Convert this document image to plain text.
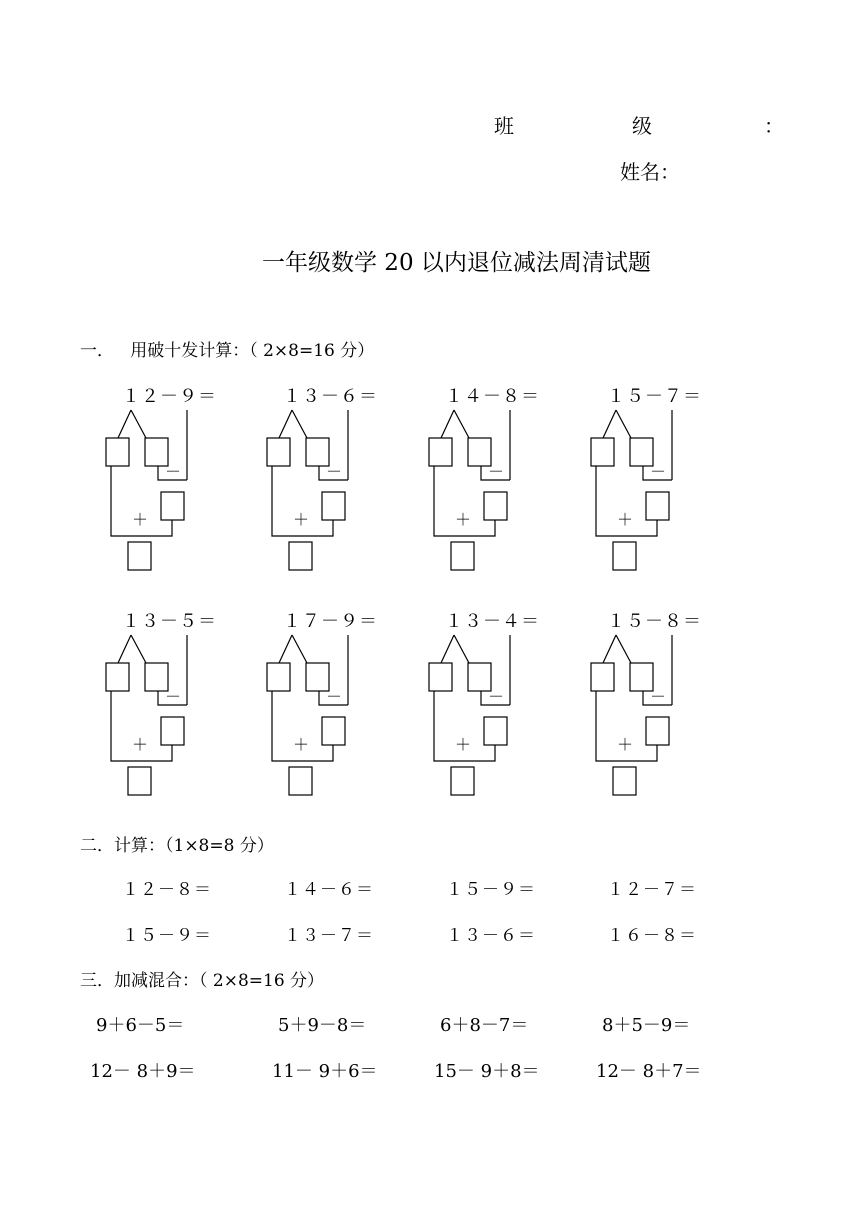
班	级	：
姓名：
一年级数学 20 以内退位减法周清试题
一．   用破十发计算：（ 2×8=16 分）
１２－９＝
－
＋
１３－６＝
－
＋
１４－８＝
－
＋
１５－７＝
－
＋
１３－５＝
－
＋
１７－９＝
－
＋
１３－４＝
－
＋
１５－８＝
－
＋
二．计算：（1×8=8 分）
１２－８＝	１４－６＝	１５－９＝	１２－７＝
１５－９＝	１３－７＝	１３－６＝	１６－８＝
三．加减混合：（ 2×8=16 分）
9＋6－5＝	5＋9－8＝	6＋8－7＝	8＋5－9＝
12－ 8＋9＝	11－ 9＋6＝	15－ 9＋8＝	12－ 8＋7＝
